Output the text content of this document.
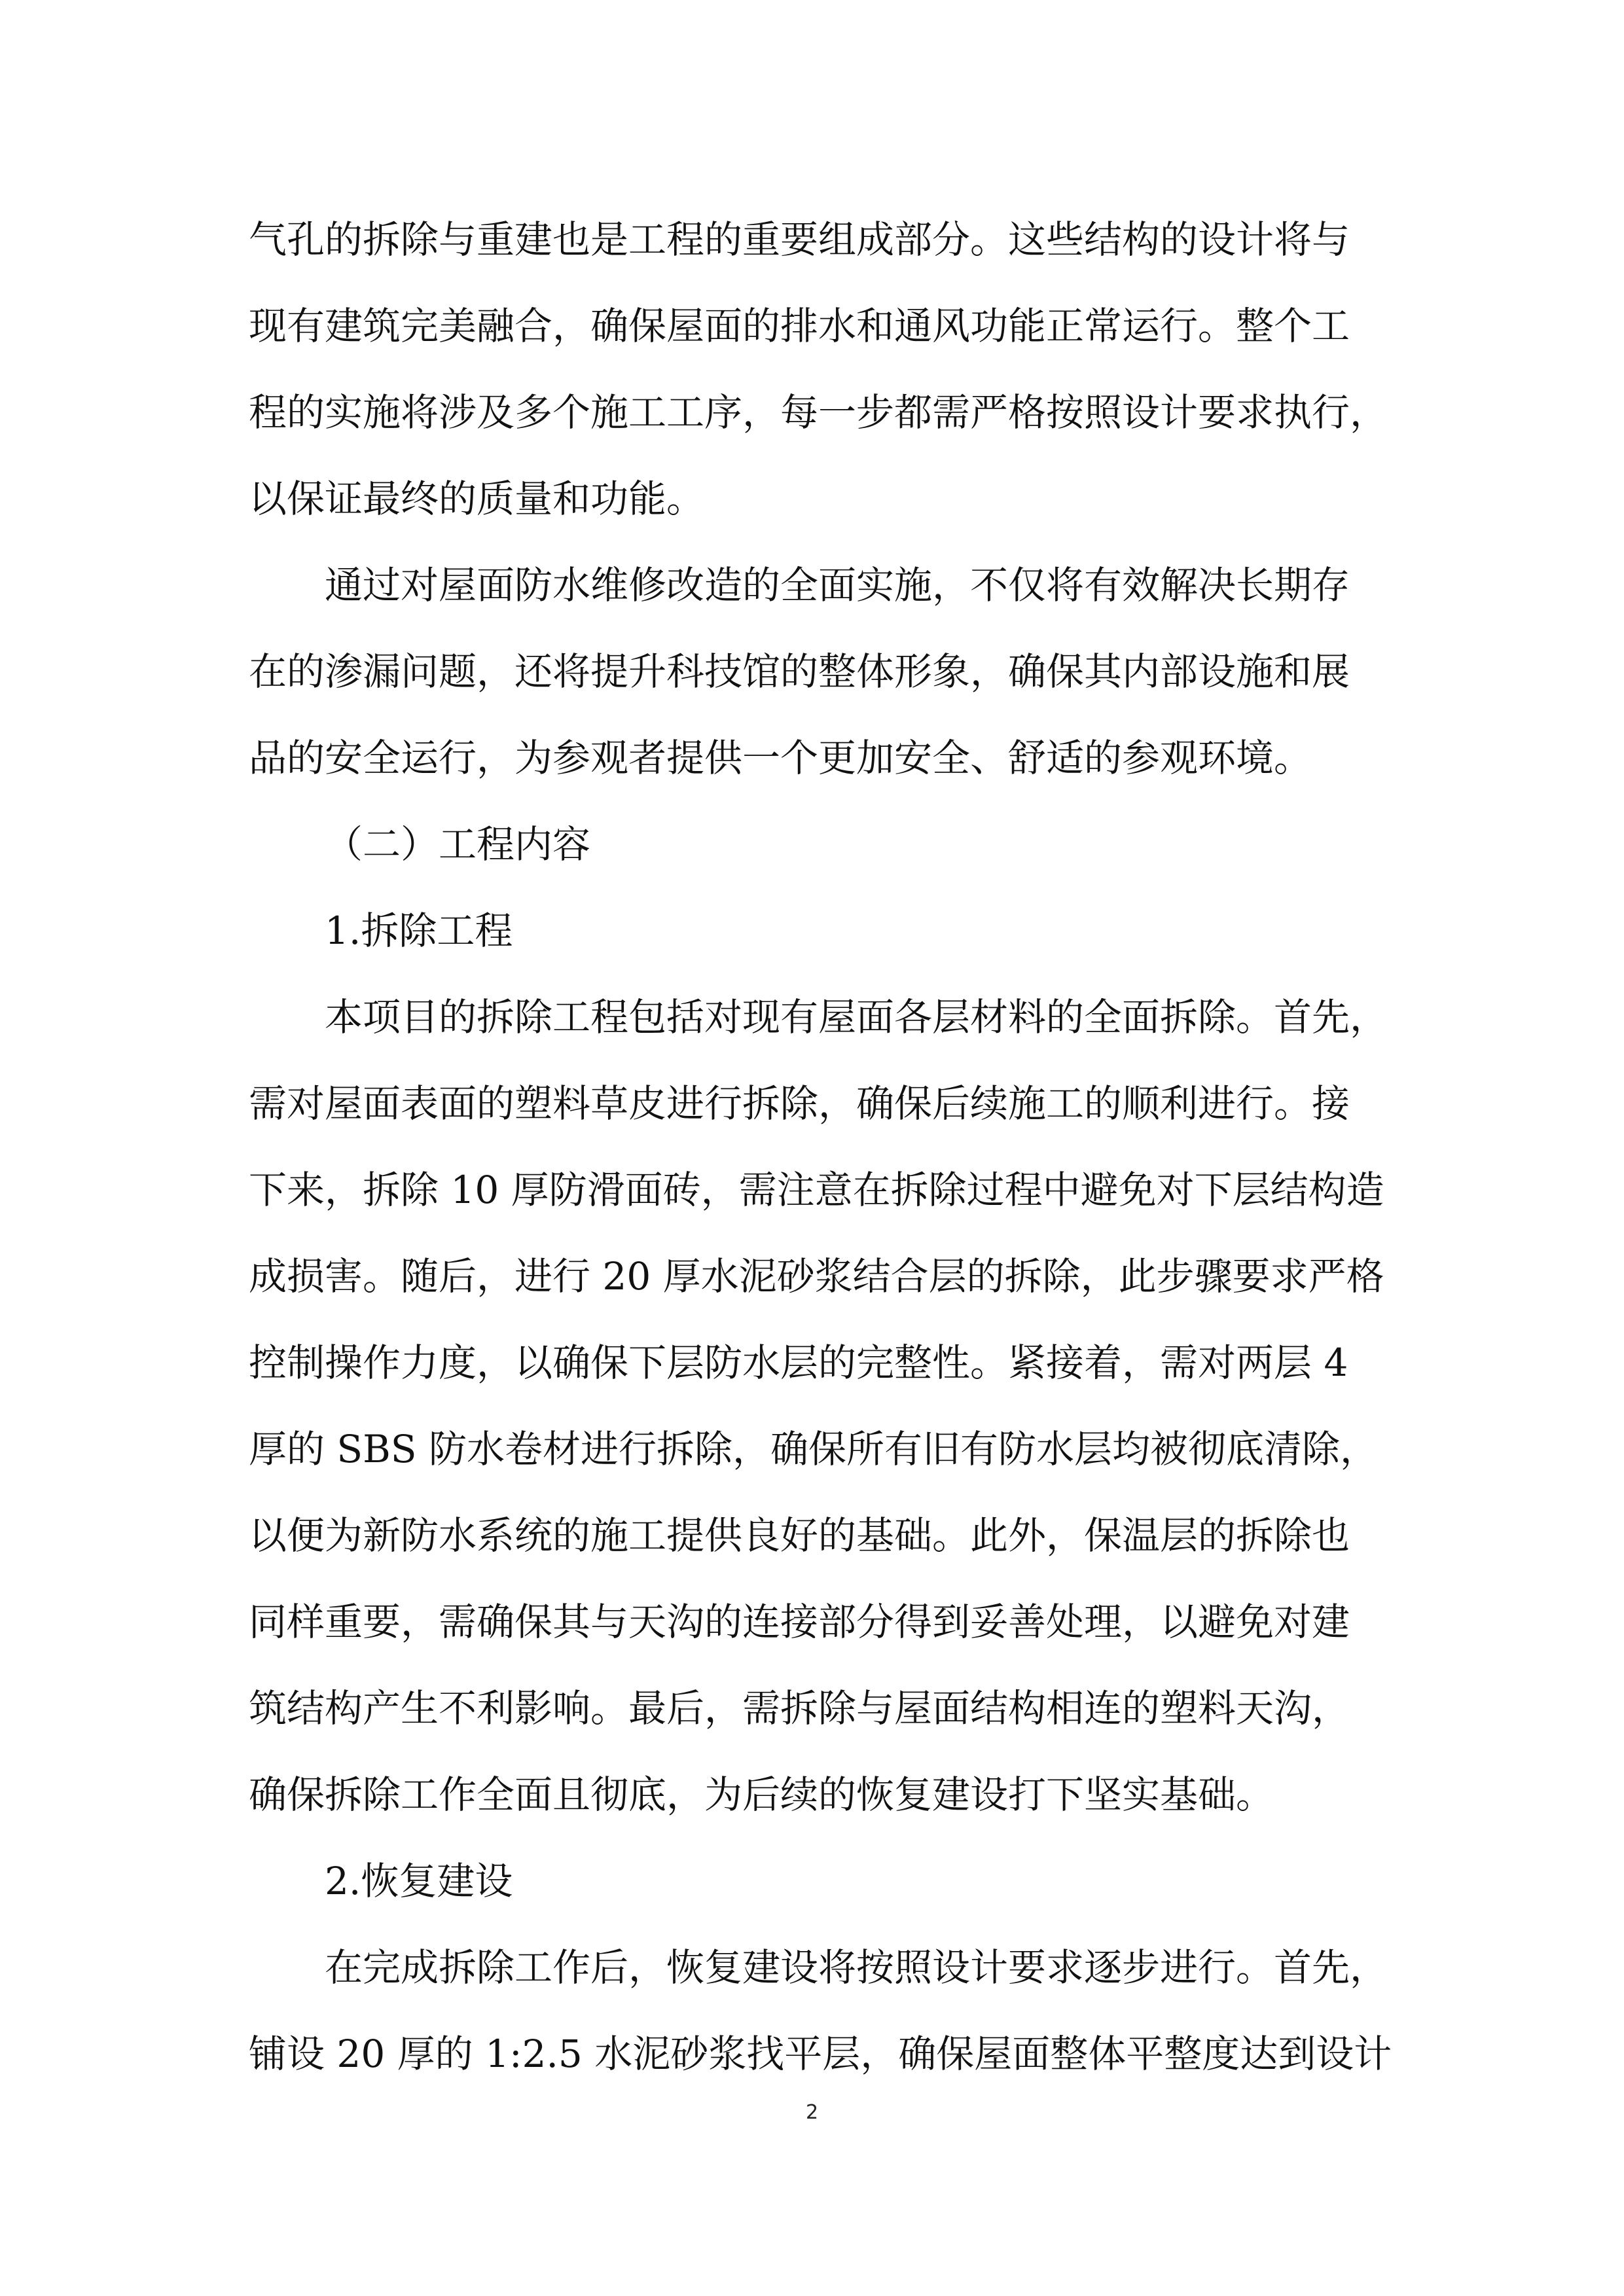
气孔的拆除与重建也是工程的重要组成部分。这些结构的设计将与
现有建筑完美融合，确保屋面的排水和通风功能正常运行。整个工
程的实施将涉及多个施工工序，每一步都需严格按照设计要求执行，
以保证最终的质量和功能。
通过对屋面防水维修改造的全面实施，不仅将有效解决长期存
在的渗漏问题，还将提升科技馆的整体形象，确保其内部设施和展
品的安全运行，为参观者提供一个更加安全、舒适的参观环境。
（二）工程内容
1.拆除工程
本项目的拆除工程包括对现有屋面各层材料的全面拆除。首先，
需对屋面表面的塑料草皮进行拆除，确保后续施工的顺利进行。接
下来，拆除 10 厚防滑面砖，需注意在拆除过程中避免对下层结构造
成损害。随后，进行 20 厚水泥砂浆结合层的拆除，此步骤要求严格
控制操作力度，以确保下层防水层的完整性。紧接着，需对两层 4
厚的 SBS 防水卷材进行拆除，确保所有旧有防水层均被彻底清除，
以便为新防水系统的施工提供良好的基础。此外，保温层的拆除也
同样重要，需确保其与天沟的连接部分得到妥善处理，以避免对建
筑结构产生不利影响。最后，需拆除与屋面结构相连的塑料天沟，
确保拆除工作全面且彻底，为后续的恢复建设打下坚实基础。
2.恢复建设
在完成拆除工作后，恢复建设将按照设计要求逐步进行。首先，
铺设 20 厚的 1:2.5 水泥砂浆找平层，确保屋面整体平整度达到设计
2
